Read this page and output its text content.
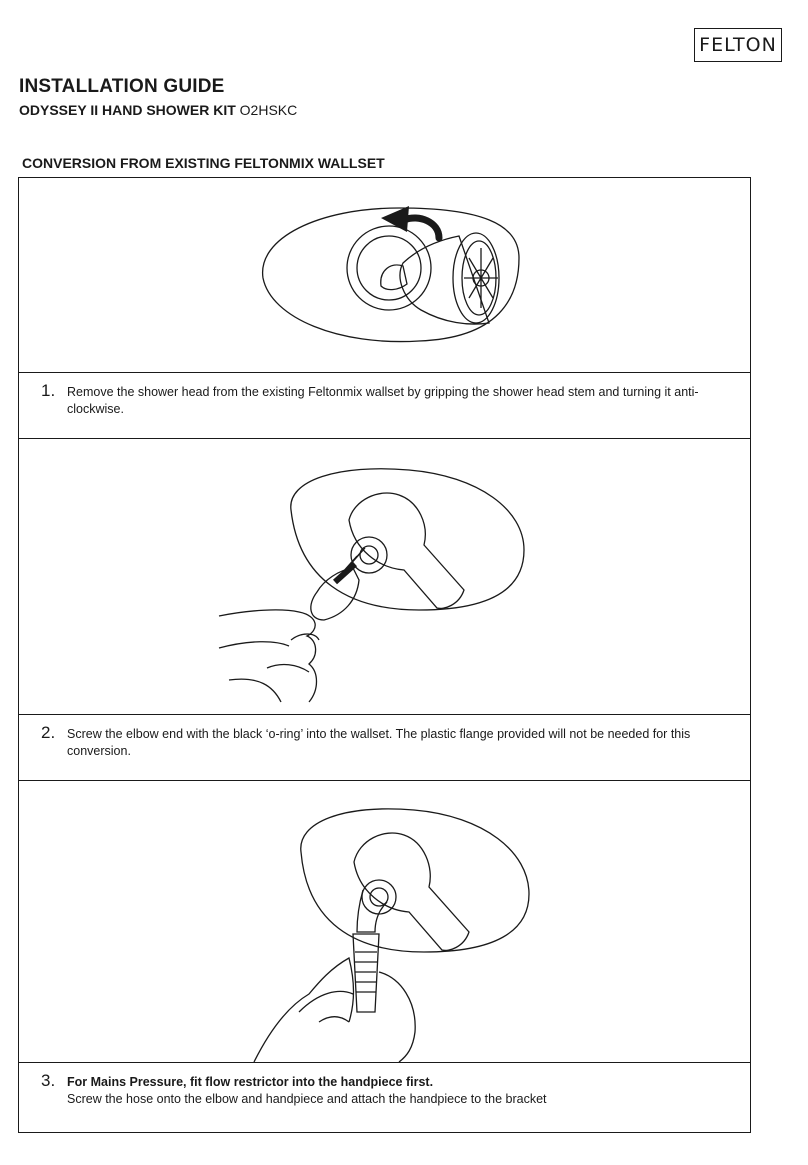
FELTON
INSTALLATION GUIDE

ODYSSEY II HAND SHOWER KIT O2HSKC

CONVERSION FROM EXISTING FELTONMIX WALLSET
1. Remove the shower head from the existing Feltonmix wallset by gripping the shower head stem and turning it anti-clockwise.
2. Screw the elbow end with the black ‘o-ring’ into the wallset. The plastic flange provided will not be needed for this conversion.
3. For Mains Pressure, fit flow restrictor into the handpiece first.
Screw the hose onto the elbow and handpiece and attach the handpiece to the bracket
